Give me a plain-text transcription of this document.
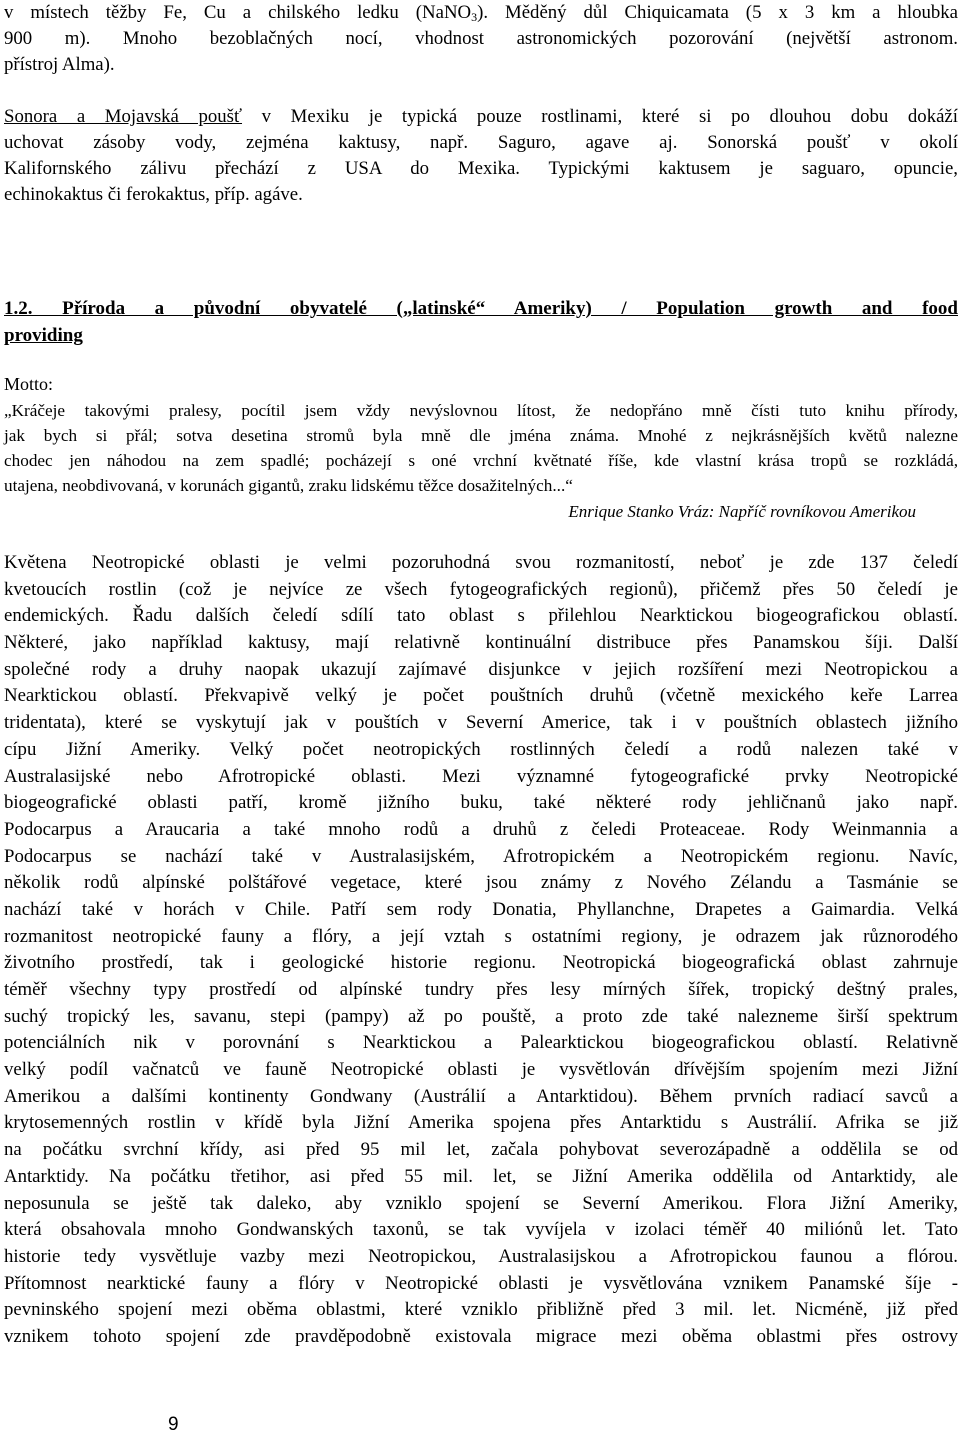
v místech těžby Fe, Cu a chilského ledku (NaNO$_3$). Měděný důl Chiquicamata (5 x 3 km a hloubka
900 m). Mnoho bezoblačných nocí, vhodnost astronomických pozorování (největší astronom.
přístroj Alma).
Sonora a Mojavská poušť v Mexiku je typická pouze rostlinami, které si po dlouhou dobu dokáží
uchovat zásoby vody, zejména kaktusy, např. Saguro, agave aj. Sonorská poušť v okolí
Kalifornského zálivu přechází z USA do Mexika. Typickými kaktusem je saguaro, opuncie,
echinokaktus či ferokaktus, příp. agáve.
1.2. Příroda a původní obyvatelé („latinské“ Ameriky) / Population growth and food
providing
Motto:
„Kráčeje takovými pralesy, pocítil jsem vždy nevýslovnou lítost, že nedopřáno mně čísti tuto knihu přírody,
jak bych si přál; sotva desetina stromů byla mně dle jména známa. Mnohé z nejkrásnějších květů nalezne
chodec jen náhodou na zem spadlé; pocházejí s oné vrchní květnaté říše, kde vlastní krása tropů se rozkládá,
utajena, neobdivovaná, v korunách gigantů, zraku lidskému těžce dosažitelných...“
Enrique Stanko Vráz: Napříč rovníkovou Amerikou
Květena Neotropické oblasti je velmi pozoruhodná svou rozmanitostí, neboť je zde 137 čeledí
kvetoucích rostlin (což je nejvíce ze všech fytogeografických regionů), přičemž přes 50 čeledí je
endemických. Řadu dalších čeledí sdílí tato oblast s přilehlou Nearktickou biogeografickou oblastí.
Některé, jako například kaktusy, mají relativně kontinuální distribuce přes Panamskou šíji. Další
společné rody a druhy naopak ukazují zajímavé disjunkce v jejich rozšíření mezi Neotropickou a
Nearktickou oblastí. Překvapivě velký je počet pouštních druhů (včetně mexického keře Larrea
tridentata), které se vyskytují jak v pouštích v Severní Americe, tak i v pouštních oblastech jižního
cípu Jižní Ameriky. Velký počet neotropických rostlinných čeledí a rodů nalezen také v
Australasijské nebo Afrotropické oblasti. Mezi významné fytogeografické prvky Neotropické
biogeografické oblasti patří, kromě jižního buku, také některé rody jehličnanů jako např.
Podocarpus a Araucaria a také mnoho rodů a druhů z čeledi Proteaceae. Rody Weinmannia a
Podocarpus se nachází také v Australasijském, Afrotropickém a Neotropickém regionu. Navíc,
několik rodů alpínské polštářové vegetace, které jsou známy z Nového Zélandu a Tasmánie se
nachází také v horách v Chile. Patří sem rody Donatia, Phyllanchne, Drapetes a Gaimardia. Velká
rozmanitost neotropické fauny a flóry, a její vztah s ostatními regiony, je odrazem jak různorodého
životního prostředí, tak i geologické historie regionu. Neotropická biogeografická oblast zahrnuje
téměř všechny typy prostředí od alpínské tundry přes lesy mírných šířek, tropický deštný prales,
suchý tropický les, savanu, stepi (pampy) až po pouště, a proto zde také nalezneme širší spektrum
potenciálních nik v porovnání s Nearktickou a Palearktickou biogeografickou oblastí. Relativně
velký podíl vačnatců ve fauně Neotropické oblasti je vysvětlován dřívějším spojením mezi Jižní
Amerikou a dalšími kontinenty Gondwany (Austrálií a Antarktidou). Během prvních radiací savců a
krytosemenných rostlin v křídě byla Jižní Amerika spojena přes Antarktidu s Austrálií. Afrika se již
na počátku svrchní křídy, asi před 95 mil let, začala pohybovat severozápadně a oddělila se od
Antarktidy. Na počátku třetihor, asi před 55 mil. let, se Jižní Amerika oddělila od Antarktidy, ale
neposunula se ještě tak daleko, aby vzniklo spojení se Severní Amerikou. Flora Jižní Ameriky,
která obsahovala mnoho Gondwanských taxonů, se tak vyvíjela v izolaci téměř 40 miliónů let. Tato
historie tedy vysvětluje vazby mezi Neotropickou, Australasijskou a Afrotropickou faunou a flórou.
Přítomnost nearktické fauny a flóry v Neotropické oblasti je vysvětlována vznikem Panamské šíje -
pevninského spojení mezi oběma oblastmi, které vzniklo přibližně před 3 mil. let. Nicméně, již před
vznikem tohoto spojení zde pravděpodobně existovala migrace mezi oběma oblastmi přes ostrovy
9
